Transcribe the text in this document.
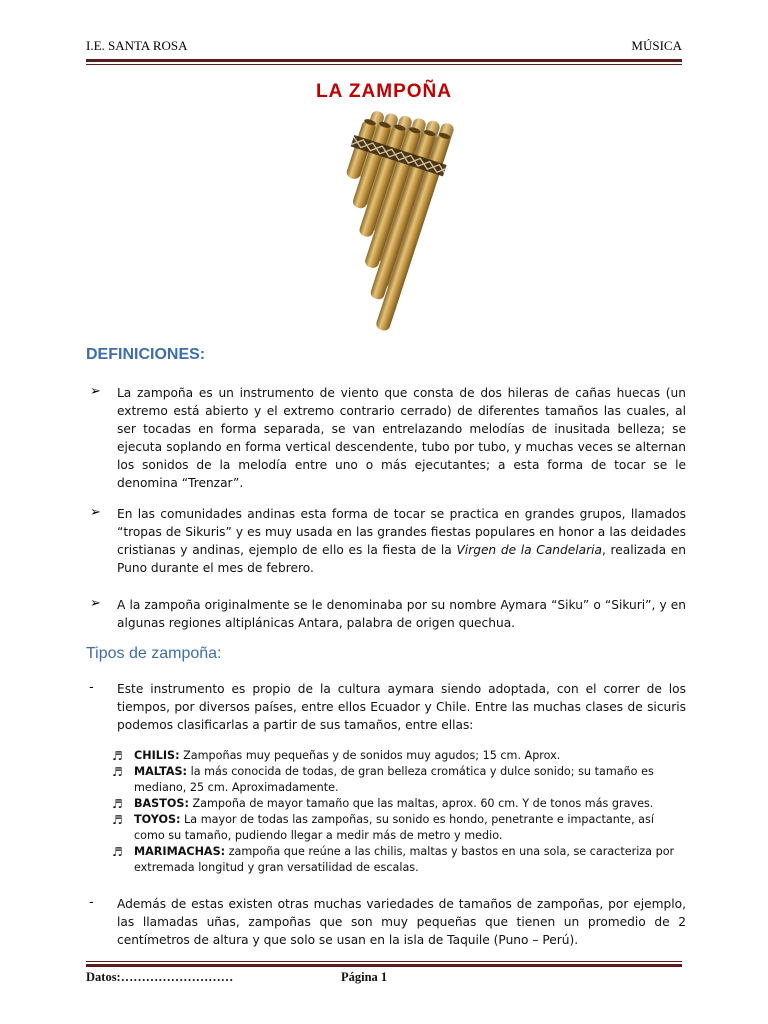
I.E. SANTA ROSA	MÚSICA
LA ZAMPOÑA
DEFINICIONES:
➢ La zampoña es un instrumento de viento que consta de dos hileras de cañas huecas (un extremo está abierto y el extremo contrario cerrado) de diferentes tamaños las cuales, al ser tocadas en forma separada, se van entrelazando melodías de inusitada belleza; se ejecuta soplando en forma vertical descendente, tubo por tubo, y muchas veces se alternan los sonidos de la melodía entre uno o más ejecutantes; a esta forma de tocar se le denomina “Trenzar”.
➢ En las comunidades andinas esta forma de tocar se practica en grandes grupos, llamados “tropas de Sikuris” y es muy usada en las grandes fiestas populares en honor a las deidades cristianas y andinas, ejemplo de ello es la fiesta de la Virgen de la Candelaria, realizada en Puno durante el mes de febrero.
➢ A la zampoña originalmente se le denominaba por su nombre Aymara “Siku” o “Sikuri”, y en algunas regiones altiplánicas Antara, palabra de origen quechua.
Tipos de zampoña:
- Este instrumento es propio de la cultura aymara siendo adoptada, con el correr de los tiempos, por diversos países, entre ellos Ecuador y Chile. Entre las muchas clases de sicuris podemos clasificarlas a partir de sus tamaños, entre ellas:
♬ CHILIS: Zampoñas muy pequeñas y de sonidos muy agudos; 15 cm. Aprox.
♬ MALTAS: la más conocida de todas, de gran belleza cromática y dulce sonido; su tamaño es mediano, 25 cm. Aproximadamente.
♬ BASTOS: Zampoña de mayor tamaño que las maltas, aprox. 60 cm. Y de tonos más graves.
♬ TOYOS: La mayor de todas las zampoñas, su sonido es hondo, penetrante e impactante, así como su tamaño, pudiendo llegar a medir más de metro y medio.
♬ MARIMACHAS: zampoña que reúne a las chilis, maltas y bastos en una sola, se caracteriza por extremada longitud y gran versatilidad de escalas.
- Además de estas existen otras muchas variedades de tamaños de zampoñas, por ejemplo, las llamadas uñas, zampoñas que son muy pequeñas que tienen un promedio de 2 centímetros de altura y que solo se usan en la isla de Taquile (Puno – Perú).
Datos:………………………	Página 1
